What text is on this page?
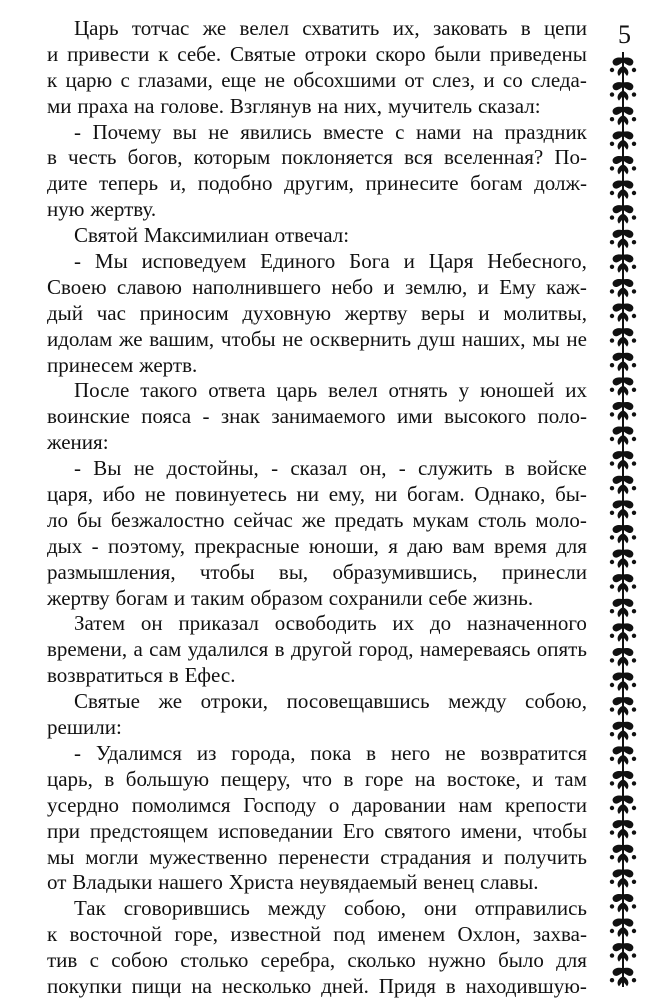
5
Царь тотчас же велел схватить их, заковать в цепи
и привести к себе. Святые отроки скоро были приведены
к царю с глазами, еще не обсохшими от слез, и со следа-
ми праха на голове. Взглянув на них, мучитель сказал:
- Почему вы не явились вместе с нами на праздник
в честь богов, которым поклоняется вся вселенная? По-
дите теперь и, подобно другим, принесите богам долж-
ную жертву.
Святой Максимилиан отвечал:
- Мы исповедуем Единого Бога и Царя Небесного,
Своею славою наполнившего небо и землю, и Ему каж-
дый час приносим духовную жертву веры и молитвы,
идолам же вашим, чтобы не осквернить душ наших, мы не
принесем жертв.
После такого ответа царь велел отнять у юношей их
воинские пояса - знак занимаемого ими высокого поло-
жения:
- Вы не достойны, - сказал он, - служить в войске
царя, ибо не повинуетесь ни ему, ни богам. Однако, бы-
ло бы безжалостно сейчас же предать мукам столь моло-
дых - поэтому, прекрасные юноши, я даю вам время для
размышления, чтобы вы, образумившись, принесли
жертву богам и таким образом сохранили себе жизнь.
Затем он приказал освободить их до назначенного
времени, а сам удалился в другой город, намереваясь опять
возвратиться в Ефес.
Святые же отроки, посовещавшись между собою,
решили:
- Удалимся из города, пока в него не возвратится
царь, в большую пещеру, что в горе на востоке, и там
усердно помолимся Господу о даровании нам крепости
при предстоящем исповедании Его святого имени, чтобы
мы могли мужественно перенести страдания и получить
от Владыки нашего Христа неувядаемый венец славы.
Так сговорившись между собою, они отправились
к восточной горе, известной под именем Охлон, захва-
тив с собою столько серебра, сколько нужно было для
покупки пищи на несколько дней. Придя в находившую-
